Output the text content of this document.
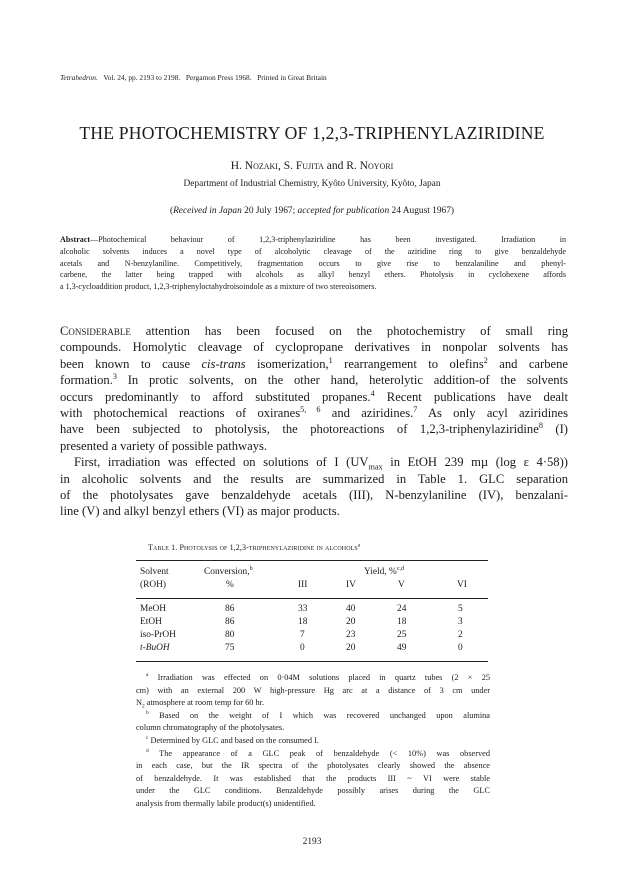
Tetrahedron. Vol. 24, pp. 2193 to 2198. Pergamon Press 1968. Printed in Great Britain
THE PHOTOCHEMISTRY OF 1,2,3-TRIPHENYLAZIRIDINE
H. Nozaki, S. Fujita and R. Noyori
Department of Industrial Chemistry, Kyôto University, Kyôto, Japan
(Received in Japan 20 July 1967; accepted for publication 24 August 1967)

Abstract—Photochemical behaviour of 1,2,3-triphenylaziridine has been investigated. Irradiation in

alcoholic solvents induces a novel type of alcoholytic cleavage of the aziridine ring to give benzaldehyde

acetals and N-benzylaniline. Competitively, fragmentation occurs to give rise to benzalaniline and phenyl-

carbene, the latter being trapped with alcohols as alkyl benzyl ethers. Photolysis in cyclohexene affords

a 1,3-cycloaddition product, 1,2,3-triphenyloctahydroisoindole as a mixture of two stereoisomers.

Considerable attention has been focused on the photochemistry of small ring

compounds. Homolytic cleavage of cyclopropane derivatives in nonpolar solvents has

been known to cause cis-trans isomerization,$^1$ rearrangement to olefins$^2$ and carbene

formation.$^3$ In protic solvents, on the other hand, heterolytic addition-of the solvents

occurs predominantly to afford substituted propanes.$^4$ Recent publications have dealt

with photochemical reactions of oxiranes$^{5, 6}$ and aziridines.$^7$ As only acyl aziridines

have been subjected to photolysis, the photoreactions of 1,2,3-triphenylaziridine$^8$ (I)

presented a variety of possible pathways.

First, irradiation was effected on solutions of I ($UV_{max}$ in EtOH 239 mµ (log ε 4·58))

in alcoholic solvents and the results are summarized in Table 1. GLC separation

of the photolysates gave benzaldehyde acetals (III), N-benzylaniline (IV), benzalani-

line (V) and alkyl benzyl ethers (VI) as major products.

Table 1. Photolysis of 1,2,3-triphenylaziridine in alcohols$^a$
Solvent
(ROH)
Conversion,$^b$
%
Yield, %$^{c,d}$
III	IV	V	VI
MeOH	86	33	40	24	5
EtOH	86	18	20	18	3
iso-PrOH	80	7	23	25	2
t-BuOH	75	0	20	49	0

$^a$ Irradiation was effected on 0·04M solutions placed in quartz tubes (2 × 25

cm) with an external 200 W high-pressure Hg arc at a distance of 3 cm under

$N_2$ atmosphere at room temp for 60 hr.

$^b$ Based on the weight of I which was recovered unchanged upon alumina

column chromatography of the photolysates.

$^c$ Determined by GLC and based on the consumed I.

$^d$ The appearance of a GLC peak of benzaldehyde (< 10%) was observed

in each case, but the IR spectra of the photolysates clearly showed the absence

of benzaldehyde. It was established that the products III ~ VI were stable

under the GLC conditions. Benzaldehyde possibly arises during the GLC

analysis from thermally labile product(s) unidentified.

2193
